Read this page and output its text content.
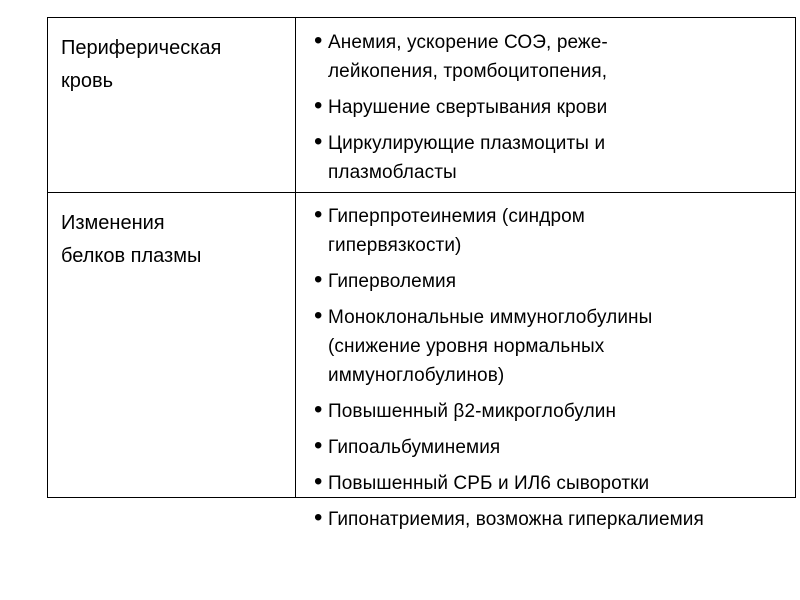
Периферическая
кровь
• Анемия, ускорение СОЭ, реже-
лейкопения, тромбоцитопения,
• Нарушение свертывания крови
• Циркулирующие плазмоциты и
плазмобласты
Изменения
белков плазмы
• Гиперпротеинемия (синдром
гипервязкости)
• Гиперволемия
• Моноклональные иммуноглобулины
(снижение уровня нормальных
иммуноглобулинов)
• Повышенный β2-микроглобулин
• Гипоальбуминемия
• Повышенный СРБ и ИЛ6 сыворотки
• Гипонатриемия, возможна гиперкалиемия
